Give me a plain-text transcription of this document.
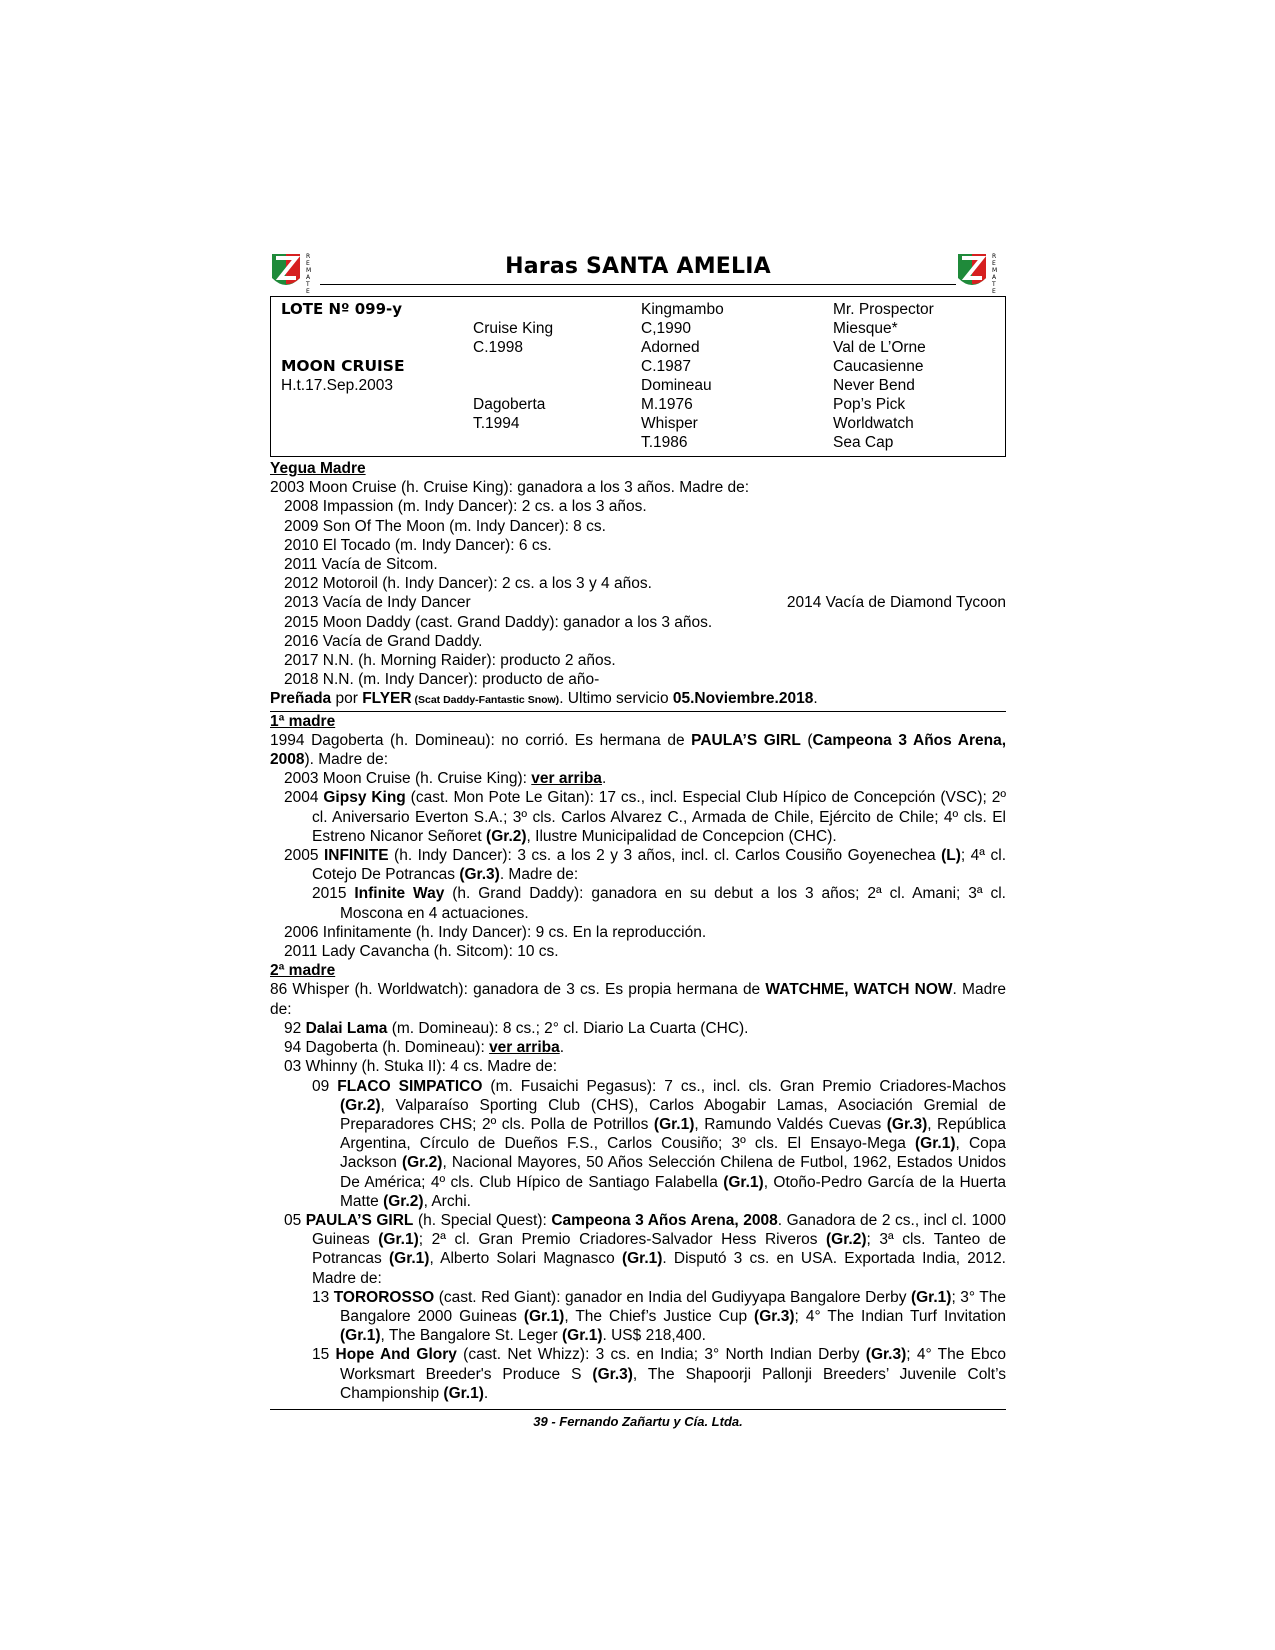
R
E
M
A
T
E
Haras SANTA AMELIA	R
E
M
A
T
E
LOTE Nº 099-y
MOON CRUISE
H.t.17.Sep.2003
Cruise King
C.1998
Dagoberta
T.1994
Kingmambo
C,1990
Adorned
C.1987
Domineau
M.1976
Whisper
T.1986
Mr. Prospector
Miesque*
Val de L’Orne
Caucasienne
Never Bend
Pop’s Pick
Worldwatch
Sea Cap

Yegua Madre

2003 Moon Cruise (h. Cruise King): ganadora a los 3 años. Madre de:

2008 Impassion (m. Indy Dancer): 2 cs. a los 3 años.

2009 Son Of The Moon (m. Indy Dancer): 8 cs.

2010 El Tocado (m. Indy Dancer): 6 cs.

2011 Vacía de Sitcom.

2012 Motoroil (h. Indy Dancer): 2 cs. a los 3 y 4 años.

2013 Vacía de Indy Dancer	2014 Vacía de Diamond Tycoon

2015 Moon Daddy (cast. Grand Daddy): ganador a los 3 años.

2016 Vacía de Grand Daddy.

2017 N.N. (h. Morning Raider): producto 2 años.

2018 N.N. (m. Indy Dancer): producto de año-

Preñada por FLYER (Scat Daddy-Fantastic Snow). Ultimo servicio 05.Noviembre.2018.

1ª madre

1994 Dagoberta (h. Domineau): no corrió. Es hermana de PAULA’S GIRL (Campeona 3 Años Arena, 2008). Madre de:

2003 Moon Cruise (h. Cruise King): ver arriba.

2004 Gipsy King (cast. Mon Pote Le Gitan): 17 cs., incl. Especial Club Hípico de Concepción (VSC); 2º cl. Aniversario Everton S.A.; 3º cls. Carlos Alvarez C., Armada de Chile, Ejército de Chile; 4º cls. El Estreno Nicanor Señoret (Gr.2), Ilustre Municipalidad de Concepcion (CHC).

2005 INFINITE (h. Indy Dancer): 3 cs. a los 2 y 3 años, incl. cl. Carlos Cousiño Goyenechea (L); 4ª cl. Cotejo De Potrancas (Gr.3). Madre de:

2015 Infinite Way (h. Grand Daddy): ganadora en su debut a los 3 años; 2ª cl. Amani; 3ª cl. Moscona en 4 actuaciones.

2006 Infinitamente (h. Indy Dancer): 9 cs. En la reproducción.

2011 Lady Cavancha (h. Sitcom): 10 cs.

2ª madre

86 Whisper (h. Worldwatch): ganadora de 3 cs. Es propia hermana de WATCHME, WATCH NOW. Madre de:

92 Dalai Lama (m. Domineau): 8 cs.; 2° cl. Diario La Cuarta (CHC).

94 Dagoberta (h. Domineau): ver arriba.

03 Whinny (h. Stuka II): 4 cs. Madre de:

09 FLACO SIMPATICO (m. Fusaichi Pegasus): 7 cs., incl. cls. Gran Premio Criadores-Machos (Gr.2), Valparaíso Sporting Club (CHS), Carlos Abogabir Lamas, Asociación Gremial de Preparadores CHS; 2º cls. Polla de Potrillos (Gr.1), Ramundo Valdés Cuevas (Gr.3), República Argentina, Círculo de Dueños F.S., Carlos Cousiño; 3º cls. El Ensayo-Mega (Gr.1), Copa Jackson (Gr.2), Nacional Mayores, 50 Años Selección Chilena de Futbol, 1962, Estados Unidos De América; 4º cls. Club Hípico de Santiago Falabella (Gr.1), Otoño-Pedro García de la Huerta Matte (Gr.2), Archi.

05 PAULA’S GIRL (h. Special Quest): Campeona 3 Años Arena, 2008. Ganadora de 2 cs., incl cl. 1000 Guineas (Gr.1); 2ª cl. Gran Premio Criadores-Salvador Hess Riveros (Gr.2); 3ª cls. Tanteo de Potrancas (Gr.1), Alberto Solari Magnasco (Gr.1). Disputó 3 cs. en USA. Exportada India, 2012. Madre de:

13 TOROROSSO (cast. Red Giant): ganador en India del Gudiyyapa Bangalore Derby (Gr.1); 3° The Bangalore 2000 Guineas (Gr.1), The Chief’s Justice Cup (Gr.3); 4° The Indian Turf Invitation (Gr.1), The Bangalore St. Leger (Gr.1). US$ 218,400.

15 Hope And Glory (cast. Net Whizz): 3 cs. en India; 3° North Indian Derby (Gr.3); 4° The Ebco Worksmart Breeder's Produce S (Gr.3), The Shapoorji Pallonji Breeders’ Juvenile Colt’s Championship (Gr.1).

39 - Fernando Zañartu y Cía. Ltda.
